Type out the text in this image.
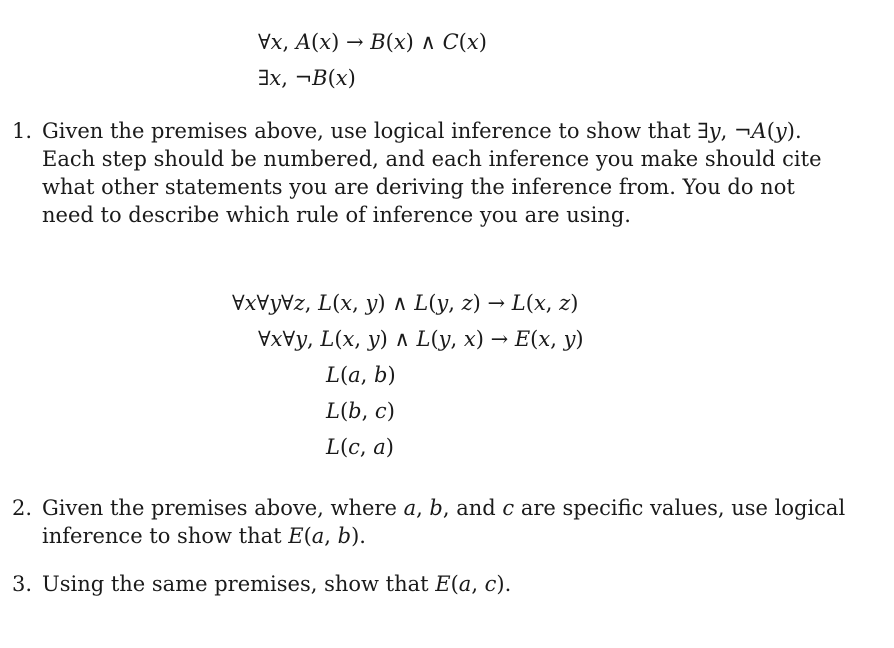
∀𝑥, 𝐴(𝑥) → 𝐵(𝑥) ∧ 𝐶(𝑥)
∃𝑥, ¬𝐵(𝑥)
1. Given the premises above, use logical inference to show that ∃𝑦, ¬𝐴(𝑦).
Each step should be numbered, and each inference you make should cite
what other statements you are deriving the inference from. You do not
need to describe which rule of inference you are using.
∀𝑥∀𝑦∀𝑧, 𝐿(𝑥, 𝑦) ∧ 𝐿(𝑦, 𝑧) → 𝐿(𝑥, 𝑧)
∀𝑥∀𝑦, 𝐿(𝑥, 𝑦) ∧ 𝐿(𝑦, 𝑥) → 𝐸(𝑥, 𝑦)
𝐿(𝑎, 𝑏)
𝐿(𝑏, 𝑐)
𝐿(𝑐, 𝑎)
2. Given the premises above, where 𝑎, 𝑏, and 𝑐 are specific values, use logical
inference to show that 𝐸(𝑎, 𝑏).
3. Using the same premises, show that 𝐸(𝑎, 𝑐).
